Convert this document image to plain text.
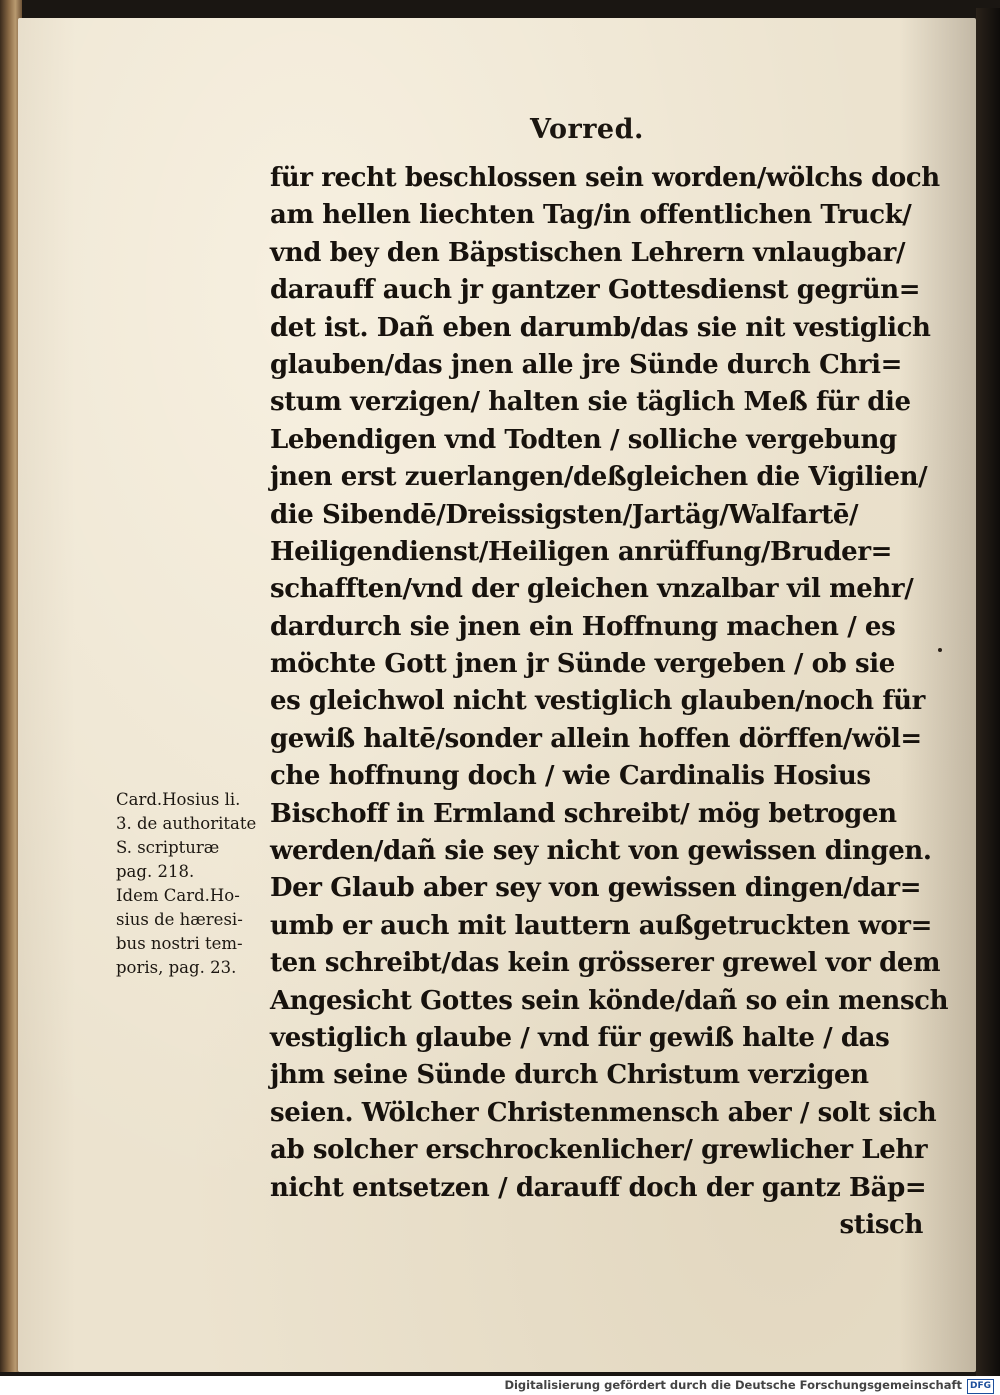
Vorred.
für recht beschlossen sein worden/wölchs doch
am hellen liechten Tag/in offentlichen Truck/
vnd bey den Bäpstischen Lehrern vnlaugbar/
darauff auch jr gantzer Gottesdienst gegrün=
det ist. Dañ eben darumb/das sie nit vestiglich
glauben/das jnen alle jre Sünde durch Chri=
stum verzigen/ halten sie täglich Meß für die
Lebendigen vnd Todten / solliche vergebung
jnen erst zuerlangen/deßgleichen die Vigilien/
die Sibendē/Dreissigsten/Jartäg/Walfartē/
Heiligendienst/Heiligen anrüffung/Bruder=
schafften/vnd der gleichen vnzalbar vil mehr/
dardurch sie jnen ein Hoffnung machen / es
möchte Gott jnen jr Sünde vergeben / ob sie
es gleichwol nicht vestiglich glauben/noch für
gewiß haltē/sonder allein hoffen dörffen/wöl=
che hoffnung doch / wie Cardinalis Hosius
Bischoff in Ermland schreibt/ mög betrogen
werden/dañ sie sey nicht von gewissen dingen.
Der Glaub aber sey von gewissen dingen/dar=
umb er auch mit lauttern außgetruckten wor=
ten schreibt/das kein grösserer grewel vor dem
Angesicht Gottes sein könde/dañ so ein mensch
vestiglich glaube / vnd für gewiß halte / das
jhm seine Sünde durch Christum verzigen
seien. Wölcher Christenmensch aber / solt sich
ab solcher erschrockenlicher/ grewlicher Lehr
nicht entsetzen / darauff doch der gantz Bäp=
stisch
Card.Hosius li.
3. de authoritate
S. scripturæ
pag. 218.
Idem Card.Ho-
sius de hæresi-
bus nostri tem-
poris, pag. 23.
Digitalisierung gefördert durch die Deutsche Forschungsgemeinschaft DFG
